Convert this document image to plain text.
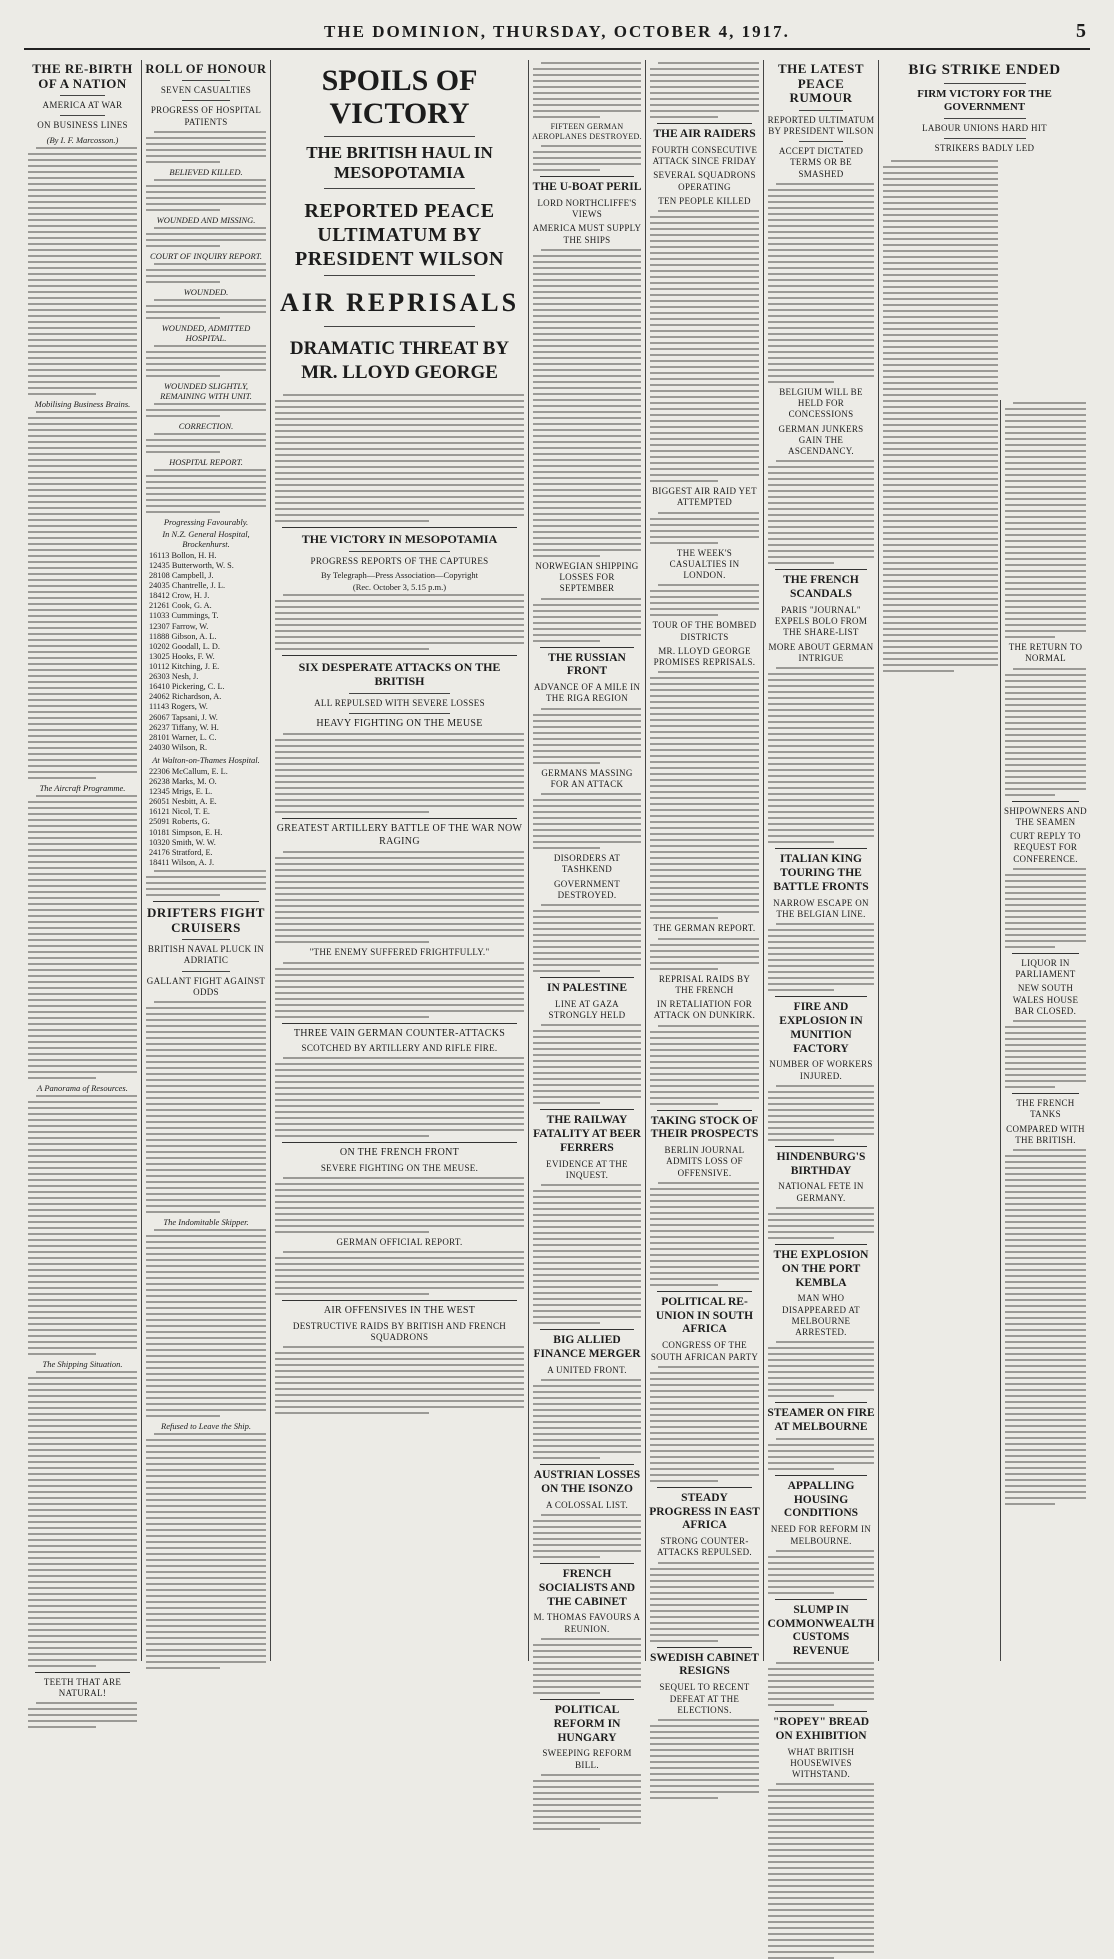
THE DOMINION, THURSDAY, OCTOBER 4, 1917.	5
THE RE-BIRTH OF A NATION
AMERICA AT WAR
ON BUSINESS LINES
(By I. F. Marcosson.)
Mobilising Business Brains.
The Aircraft Programme.
A Panorama of Resources.
The Shipping Situation.
TEETH THAT ARE NATURAL!
ROLL OF HONOUR
SEVEN CASUALTIES
PROGRESS OF HOSPITAL PATIENTS
BELIEVED KILLED.
WOUNDED AND MISSING.
COURT OF INQUIRY REPORT.
WOUNDED.
WOUNDED, ADMITTED HOSPITAL.
WOUNDED SLIGHTLY, REMAINING WITH UNIT.
CORRECTION.
HOSPITAL REPORT.
Progressing Favourably.
In N.Z. General Hospital, Brockenhurst.
16113 Bollon, H. H.
12435 Butterworth, W. S.
28108 Campbell, J.
24035 Chantrelle, J. L.
18412 Crow, H. J.
21261 Cook, G. A.
11033 Cummings, T.
12307 Farrow, W.
11888 Gibson, A. L.
10202 Goodall, L. D.
13025 Hooks, F. W.
10112 Kitching, J. E.
26303 Nesh, J.
16410 Pickering, C. L.
24062 Richardson, A.
11143 Rogers, W.
26067 Tapsani, J. W.
26237 Tiffany, W. H.
28101 Warner, L. C.
24030 Wilson, R.
At Walton-on-Thames Hospital.
22306 McCallum, E. L.
26238 Marks, M. O.
12345 Mrigs, E. L.
26051 Nesbitt, A. E.
16121 Nicol, T. E.
25091 Roberts, G.
10181 Simpson, E. H.
10320 Smith, W. W.
24176 Stratford, E.
18411 Wilson, A. J.
DRIFTERS FIGHT CRUISERS
BRITISH NAVAL PLUCK IN ADRIATIC
GALLANT FIGHT AGAINST ODDS
The Indomitable Skipper.
Refused to Leave the Ship.
SPOILS OF VICTORY
THE BRITISH HAUL IN MESOPOTAMIA
REPORTED PEACE ULTIMATUM BY PRESIDENT WILSON
AIR REPRISALS
DRAMATIC THREAT BY MR. LLOYD GEORGE
THE VICTORY IN MESOPOTAMIA
PROGRESS REPORTS OF THE CAPTURES
By Telegraph—Press Association—Copyright
(Rec. October 3, 5.15 p.m.)
SIX DESPERATE ATTACKS ON THE BRITISH
ALL REPULSED WITH SEVERE LOSSES
HEAVY FIGHTING ON THE MEUSE
GREATEST ARTILLERY BATTLE OF THE WAR NOW RAGING
"THE ENEMY SUFFERED FRIGHTFULLY."
THREE VAIN GERMAN COUNTER-ATTACKS
SCOTCHED BY ARTILLERY AND RIFLE FIRE.
ON THE FRENCH FRONT
SEVERE FIGHTING ON THE MEUSE.
GERMAN OFFICIAL REPORT.
AIR OFFENSIVES IN THE WEST
DESTRUCTIVE RAIDS BY BRITISH AND FRENCH SQUADRONS
FIFTEEN GERMAN AEROPLANES DESTROYED.
THE U-BOAT PERIL
LORD NORTHCLIFFE'S VIEWS
AMERICA MUST SUPPLY THE SHIPS
NORWEGIAN SHIPPING LOSSES FOR SEPTEMBER
THE RUSSIAN FRONT
ADVANCE OF A MILE IN THE RIGA REGION
GERMANS MASSING FOR AN ATTACK
DISORDERS AT TASHKEND
GOVERNMENT DESTROYED.
IN PALESTINE
LINE AT GAZA STRONGLY HELD
THE RAILWAY FATALITY AT BEER FERRERS
EVIDENCE AT THE INQUEST.
BIG ALLIED FINANCE MERGER
A UNITED FRONT.
AUSTRIAN LOSSES ON THE ISONZO
A COLOSSAL LIST.
FRENCH SOCIALISTS AND THE CABINET
M. THOMAS FAVOURS A REUNION.
POLITICAL REFORM IN HUNGARY
SWEEPING REFORM BILL.
THE AIR RAIDERS
FOURTH CONSECUTIVE ATTACK SINCE FRIDAY
SEVERAL SQUADRONS OPERATING
TEN PEOPLE KILLED
BIGGEST AIR RAID YET ATTEMPTED
THE WEEK'S CASUALTIES IN LONDON.
TOUR OF THE BOMBED DISTRICTS
MR. LLOYD GEORGE PROMISES REPRISALS.
THE GERMAN REPORT.
REPRISAL RAIDS BY THE FRENCH
IN RETALIATION FOR ATTACK ON DUNKIRK.
TAKING STOCK OF THEIR PROSPECTS
BERLIN JOURNAL ADMITS LOSS OF OFFENSIVE.
POLITICAL RE-UNION IN SOUTH AFRICA
CONGRESS OF THE SOUTH AFRICAN PARTY
STEADY PROGRESS IN EAST AFRICA
STRONG COUNTER-ATTACKS REPULSED.
SWEDISH CABINET RESIGNS
SEQUEL TO RECENT DEFEAT AT THE ELECTIONS.
THE LATEST PEACE RUMOUR
REPORTED ULTIMATUM BY PRESIDENT WILSON
ACCEPT DICTATED TERMS OR BE SMASHED
BELGIUM WILL BE HELD FOR CONCESSIONS
GERMAN JUNKERS GAIN THE ASCENDANCY.
THE FRENCH SCANDALS
PARIS "JOURNAL" EXPELS BOLO FROM THE SHARE-LIST
MORE ABOUT GERMAN INTRIGUE
ITALIAN KING TOURING THE BATTLE FRONTS
NARROW ESCAPE ON THE BELGIAN LINE.
FIRE AND EXPLOSION IN MUNITION FACTORY
NUMBER OF WORKERS INJURED.
HINDENBURG'S BIRTHDAY
NATIONAL FETE IN GERMANY.
THE EXPLOSION ON THE PORT KEMBLA
MAN WHO DISAPPEARED AT MELBOURNE ARRESTED.
STEAMER ON FIRE AT MELBOURNE
APPALLING HOUSING CONDITIONS
NEED FOR REFORM IN MELBOURNE.
SLUMP IN COMMONWEALTH CUSTOMS REVENUE
"ROPEY" BREAD ON EXHIBITION
WHAT BRITISH HOUSEWIVES WITHSTAND.
BIG STRIKE ENDED
FIRM VICTORY FOR THE GOVERNMENT
LABOUR UNIONS HARD HIT
STRIKERS BADLY LED
THE RETURN TO NORMAL
SHIPOWNERS AND THE SEAMEN
CURT REPLY TO REQUEST FOR CONFERENCE.
LIQUOR IN PARLIAMENT
NEW SOUTH WALES HOUSE BAR CLOSED.
THE FRENCH TANKS
COMPARED WITH THE BRITISH.
